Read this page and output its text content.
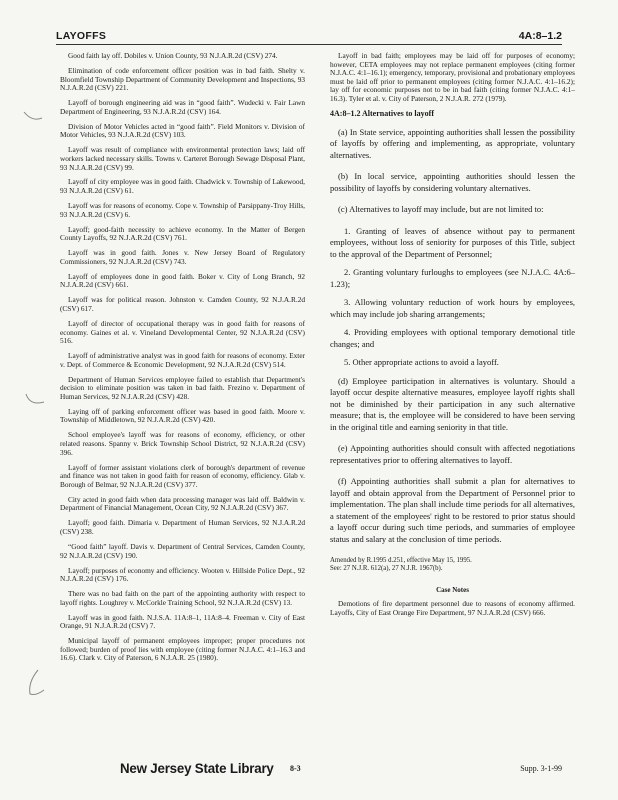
LAYOFFS	4A:8–1.2

Good faith lay off. Dobiles v. Union County, 93 N.J.A.R.2d (CSV) 274.

Elimination of code enforcement officer position was in bad faith. Shelty v. Bloomfield Township Department of Community Development and Inspections, 93 N.J.A.R.2d (CSV) 221.

Layoff of borough engineering aid was in “good faith”. Wudecki v. Fair Lawn Department of Engineering, 93 N.J.A.R.2d (CSV) 164.

Division of Motor Vehicles acted in “good faith”. Field Monitors v. Division of Motor Vehicles, 93 N.J.A.R.2d (CSV) 103.

Layoff was result of compliance with environmental protection laws; laid off workers lacked necessary skills. Towns v. Carteret Borough Sewage Disposal Plant, 93 N.J.A.R.2d (CSV) 99.

Layoff of city employee was in good faith. Chadwick v. Township of Lakewood, 93 N.J.A.R.2d (CSV) 61.

Layoff was for reasons of economy. Cope v. Township of Parsippany-Troy Hills, 93 N.J.A.R.2d (CSV) 6.

Layoff; good-faith necessity to achieve economy. In the Matter of Bergen County Layoffs, 92 N.J.A.R.2d (CSV) 761.

Layoff was in good faith. Jones v. New Jersey Board of Regulatory Commissioners, 92 N.J.A.R.2d (CSV) 743.

Layoff of employees done in good faith. Boker v. City of Long Branch, 92 N.J.A.R.2d (CSV) 661.

Layoff was for political reason. Johnston v. Camden County, 92 N.J.A.R.2d (CSV) 617.

Layoff of director of occupational therapy was in good faith for reasons of economy. Gaines et al. v. Vineland Developmental Center, 92 N.J.A.R.2d (CSV) 516.

Layoff of administrative analyst was in good faith for reasons of economy. Exter v. Dept. of Commerce & Economic Development, 92 N.J.A.R.2d (CSV) 514.

Department of Human Services employee failed to establish that Department's decision to eliminate position was taken in bad faith. Frezino v. Department of Human Services, 92 N.J.A.R.2d (CSV) 428.

Laying off of parking enforcement officer was based in good faith. Moore v. Township of Middletown, 92 N.J.A.R.2d (CSV) 420.

School employee's layoff was for reasons of economy, efficiency, or other related reasons. Spanny v. Brick Township School District, 92 N.J.A.R.2d (CSV) 396.

Layoff of former assistant violations clerk of borough's department of revenue and finance was not taken in good faith for reason of economy, efficiency. Glab v. Borough of Belmar, 92 N.J.A.R.2d (CSV) 377.

City acted in good faith when data processing manager was laid off. Baldwin v. Department of Financial Management, Ocean City, 92 N.J.A.R.2d (CSV) 367.

Layoff; good faith. Dimaria v. Department of Human Services, 92 N.J.A.R.2d (CSV) 238.

“Good faith” layoff. Davis v. Department of Central Services, Camden County, 92 N.J.A.R.2d (CSV) 190.

Layoff; purposes of economy and efficiency. Wooten v. Hillside Police Dept., 92 N.J.A.R.2d (CSV) 176.

There was no bad faith on the part of the appointing authority with respect to layoff rights. Loughrey v. McCorkle Training School, 92 N.J.A.R.2d (CSV) 13.

Layoff was in good faith. N.J.S.A. 11A:8–1, 11A:8–4. Freeman v. City of East Orange, 91 N.J.A.R.2d (CSV) 7.

Municipal layoff of permanent employees improper; proper procedures not followed; burden of proof lies with employee (citing former N.J.A.C. 4:1–16.3 and 16.6). Clark v. City of Paterson, 6 N.J.A.R. 25 (1980).

Layoff in bad faith; employees may be laid off for purposes of economy; however, CETA employees may not replace permanent employees (citing former N.J.A.C. 4:1–16.1); emergency, temporary, provisional and probationary employees must be laid off prior to permanent employees (citing former N.J.A.C. 4:1–16.2); lay off for economic purposes not to be in bad faith (citing former N.J.A.C. 4:1–16.3). Tyler et al. v. City of Paterson, 2 N.J.A.R. 272 (1979).

4A:8–1.2 Alternatives to layoff

(a) In State service, appointing authorities shall lessen the possibility of layoffs by offering and implementing, as appropriate, voluntary alternatives.

(b) In local service, appointing authorities should lessen the possibility of layoffs by considering voluntary alternatives.

(c) Alternatives to layoff may include, but are not limited to:

1. Granting of leaves of absence without pay to permanent employees, without loss of seniority for purposes of this Title, subject to the approval of the Department of Personnel;

2. Granting voluntary furloughs to employees (see N.J.A.C. 4A:6–1.23);

3. Allowing voluntary reduction of work hours by employees, which may include job sharing arrangements;

4. Providing employees with optional temporary demotional title changes; and

5. Other appropriate actions to avoid a layoff.

(d) Employee participation in alternatives is voluntary. Should a layoff occur despite alternative measures, employee layoff rights shall not be diminished by their participation in any such alternative measure; that is, the employee will be considered to have been serving in the original title and earning seniority in that title.

(e) Appointing authorities should consult with affected negotiations representatives prior to offering alternatives to layoff.

(f) Appointing authorities shall submit a plan for alternatives to layoff and obtain approval from the Department of Personnel prior to implementation. The plan shall include time periods for all alternatives, a statement of the employees' right to be restored to prior status should a layoff occur during such time periods, and summaries of employee status and salary at the conclusion of time periods.

Amended by R.1995 d.251, effective May 15, 1995.
See: 27 N.J.R. 612(a), 27 N.J.R. 1967(b).
Case Notes

Demotions of fire department personnel due to reasons of economy affirmed. Layoffs, City of East Orange Fire Department, 97 N.J.A.R.2d (CSV) 666.

New Jersey State Library 8-3	Supp. 3-1-99
